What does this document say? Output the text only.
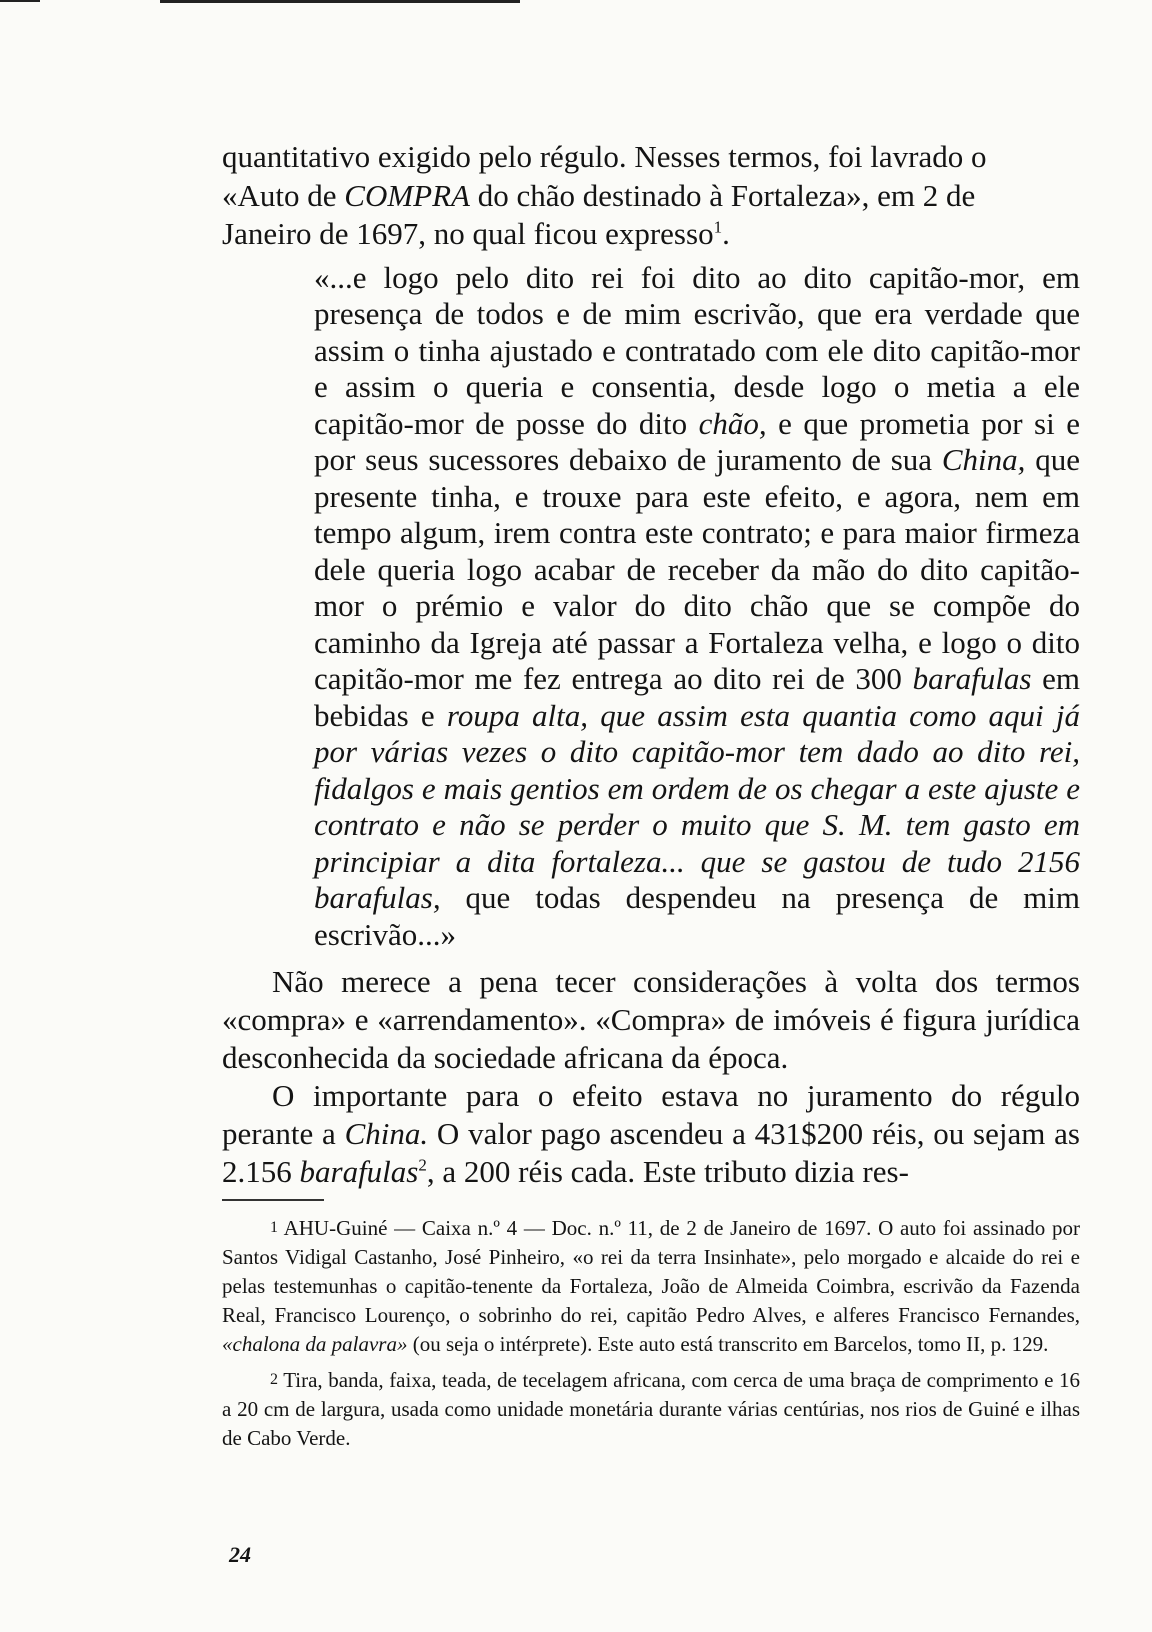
quantitativo exigido pelo régulo. Nesses termos, foi lavrado o
«Auto de COMPRA do chão destinado à Fortaleza», em 2 de
Janeiro de 1697, no qual ficou expresso$^1$.

«...e logo pelo dito rei foi dito ao dito capitão-mor, em presença de todos e de mim escrivão, que era verdade que assim o tinha ajustado e contratado com ele dito capitão-mor e assim o queria e consentia, desde logo o metia a ele capitão-mor de posse do dito chão, e que prometia por si e por seus sucessores debaixo de juramento de sua China, que presente tinha, e trouxe para este efeito, e agora, nem em tempo algum, irem contra este contrato; e para maior firmeza dele queria logo acabar de receber da mão do dito capitão-mor o prémio e valor do dito chão que se compõe do caminho da Igreja até passar a Fortaleza velha, e logo o dito capitão-mor me fez entrega ao dito rei de 300 barafulas em bebidas e roupa alta, que assim esta quantia como aqui já por várias vezes o dito capitão-mor tem dado ao dito rei, fidalgos e mais gentios em ordem de os chegar a este ajuste e contrato e não se perder o muito que S. M. tem gasto em principiar a dita fortaleza... que se gastou de tudo 2156 barafulas, que todas despendeu na presença de mim escrivão...»

Não merece a pena tecer considerações à volta dos termos «compra» e «arrendamento». «Compra» de imóveis é figura jurídica desconhecida da sociedade africana da época.

O importante para o efeito estava no juramento do régulo perante a China. O valor pago ascendeu a 431$200 réis, ou sejam as 2.156 barafulas$^2$, a 200 réis cada. Este tributo dizia res-

1 AHU-Guiné — Caixa n.º 4 — Doc. n.º 11, de 2 de Janeiro de 1697. O auto foi assinado por Santos Vidigal Castanho, José Pinheiro, «o rei da terra Insinhate», pelo morgado e alcaide do rei e pelas testemunhas o capitão-tenente da Fortaleza, João de Almeida Coimbra, escrivão da Fazenda Real, Francisco Lourenço, o sobrinho do rei, capitão Pedro Alves, e alferes Francisco Fernandes, «chalona da palavra» (ou seja o intérprete). Este auto está transcrito em Barcelos, tomo II, p. 129.

2 Tira, banda, faixa, teada, de tecelagem africana, com cerca de uma braça de comprimento e 16 a 20 cm de largura, usada como unidade monetária durante várias centúrias, nos rios de Guiné e ilhas de Cabo Verde.

24
